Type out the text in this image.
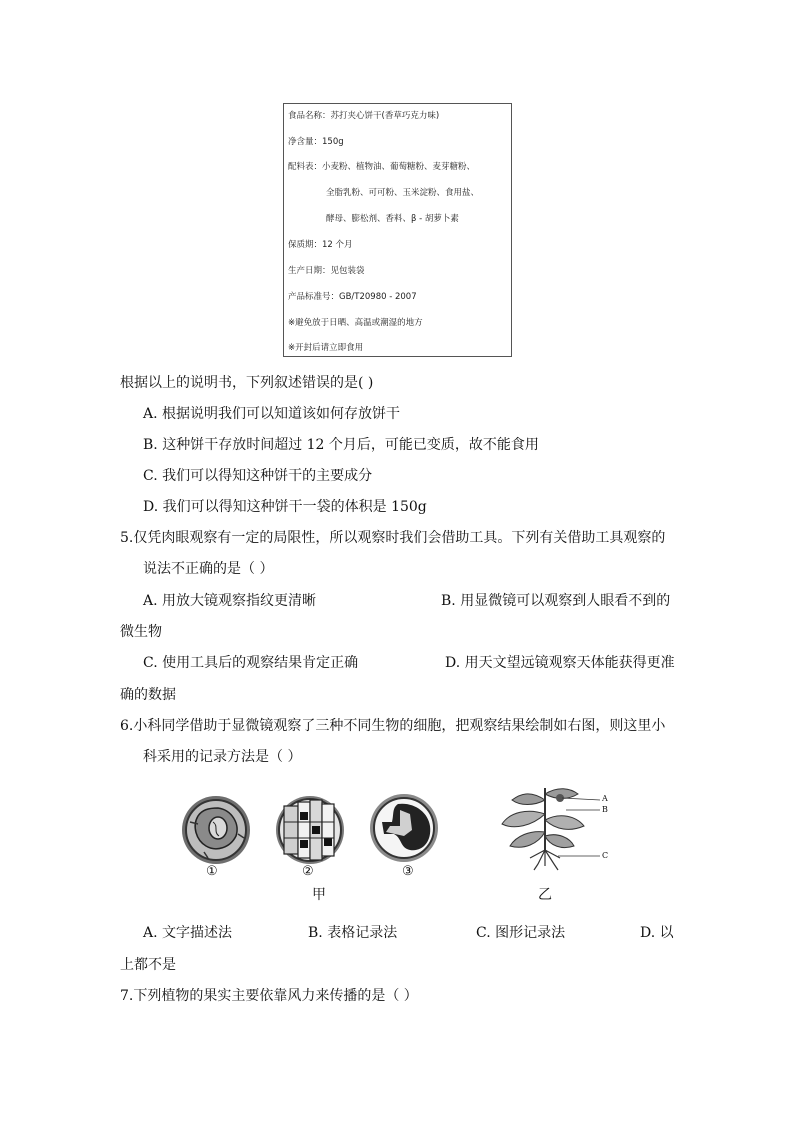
食品名称：苏打夹心饼干(香草巧克力味)
净含量：150g
配料表：小麦粉、植物油、葡萄糖粉、麦芽糖粉、
全脂乳粉、可可粉、玉米淀粉、食用盐、
酵母、膨松剂、香料、β - 胡萝卜素
保质期：12 个月
生产日期：见包装袋
产品标准号：GB/T20980 - 2007
※避免放于日晒、高温或潮湿的地方
※开封后请立即食用
根据以上的说明书，下列叙述错误的是( )
A. 根据说明我们可以知道该如何存放饼干
B. 这种饼干存放时间超过 12 个月后，可能已变质，故不能食用
C. 我们可以得知这种饼干的主要成分
D. 我们可以得知这种饼干一袋的体积是 150g
5.仅凭肉眼观察有一定的局限性，所以观察时我们会借助工具。下列有关借助工具观察的
说法不正确的是（ ）
A. 用放大镜观察指纹更清晰	B. 用显微镜可以观察到人眼看不到的
微生物
C. 使用工具后的观察结果肯定正确	D. 用天文望远镜观察天体能获得更准
确的数据
6.小科同学借助于显微镜观察了三种不同生物的细胞，把观察结果绘制如右图，则这里小
科采用的记录方法是（ ）
①	②	③
甲	乙
A
B
C
A. 文字描述法	B. 表格记录法	C. 图形记录法	D. 以
上都不是
7.下列植物的果实主要依靠风力来传播的是（ ）
